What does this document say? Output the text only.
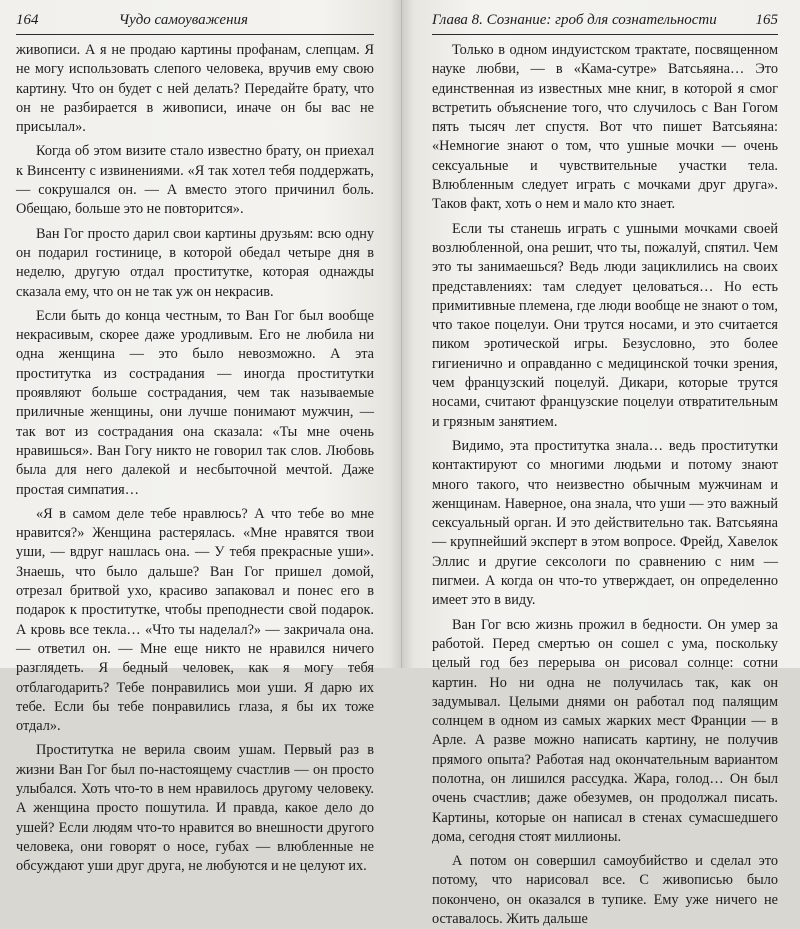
164	Чудо самоуважения

живописи. А я не продаю картины профанам, слепцам. Я не могу использовать слепого человека, вручив ему свою картину. Что он будет с ней делать? Передайте брату, что он не разбирается в живописи, иначе он бы вас не присылал».

Когда об этом визите стало известно брату, он приехал к Винсенту с извинениями. «Я так хотел тебя поддержать, — сокрушался он. — А вместо этого причинил боль. Обещаю, больше это не повторится».

Ван Гог просто дарил свои картины друзьям: всю одну он подарил гостинице, в которой обедал четыре дня в неделю, другую отдал проститутке, которая однажды сказала ему, что он не так уж он некрасив.

Если быть до конца честным, то Ван Гог был вообще некрасивым, скорее даже уродливым. Его не любила ни одна женщина — это было невозможно. А эта проститутка из сострадания — иногда проститутки проявляют больше сострадания, чем так называемые приличные женщины, они лучше понимают мужчин, — так вот из сострадания она сказала: «Ты мне очень нравишься». Ван Гогу никто не говорил так слов. Любовь была для него далекой и несбыточной мечтой. Даже простая симпатия…

«Я в самом деле тебе нравлюсь? А что тебе во мне нравится?» Женщина растерялась. «Мне нравятся твои уши, — вдруг нашлась она. — У тебя прекрасные уши». Знаешь, что было дальше? Ван Гог пришел домой, отрезал бритвой ухо, красиво запаковал и понес его в подарок к проститутке, чтобы преподнести свой подарок. А кровь все текла… «Что ты наделал?» — закричала она. — ответил он. — Мне еще никто не нравился ничего разглядеть. Я бедный человек, как я могу тебя отблагодарить? Тебе понравились мои уши. Я дарю их тебе. Если бы тебе понравились глаза, я бы их тоже отдал».

Проститутка не верила своим ушам. Первый раз в жизни Ван Гог был по-настоящему счастлив — он просто улыбался. Хоть что-то в нем нравилось другому человеку. А женщина просто пошутила. И правда, какое дело до ушей? Если людям что-то нравится во внешности другого человека, они говорят о носе, губах — влюбленные не обсуждают уши друг друга, не любуются и не целуют их.

Глава 8. Сознание: гроб для сознательности	165

Только в одном индуистском трактате, посвященном науке любви, — в «Кама-сутре» Ватсьяяна… Это единственная из известных мне книг, в которой я смог встретить объяснение того, что случилось с Ван Гогом пять тысяч лет спустя. Вот что пишет Ватсьяяна: «Немногие знают о том, что ушные мочки — очень сексуальные и чувствительные участки тела. Влюбленным следует играть с мочками друг друга». Таков факт, хоть о нем и мало кто знает.

Если ты станешь играть с ушными мочками своей возлюбленной, она решит, что ты, пожалуй, спятил. Чем это ты занимаешься? Ведь люди зациклились на своих представлениях: там следует целоваться… Но есть примитивные племена, где люди вообще не знают о том, что такое поцелуи. Они трутся носами, и это считается пиком эротической игры. Безусловно, это более гигиенично и оправданно с медицинской точки зрения, чем французский поцелуй. Дикари, которые трутся носами, считают французские поцелуи отвратительным и грязным занятием.

Видимо, эта проститутка знала… ведь проститутки контактируют со многими людьми и потому знают много такого, что неизвестно обычным мужчинам и женщинам. Наверное, она знала, что уши — это важный сексуальный орган. И это действительно так. Ватсьяяна — крупнейший эксперт в этом вопросе. Фрейд, Хавелок Эллис и другие сексологи по сравнению с ним — пигмеи. А когда он что-то утверждает, он определенно имеет это в виду.

Ван Гог всю жизнь прожил в бедности. Он умер за работой. Перед смертью он сошел с ума, поскольку целый год без перерыва он рисовал солнце: сотни картин. Но ни одна не получилась так, как он задумывал. Целыми днями он работал под палящим солнцем в одном из самых жарких мест Франции — в Арле. А разве можно написать картину, не получив прямого опыта? Работая над окончательным вариантом полотна, он лишился рассудка. Жара, голод… Он был очень счастлив; даже обезумев, он продолжал писать. Картины, которые он написал в стенах сумасшедшего дома, сегодня стоят миллионы.

А потом он совершил самоубийство и сделал это потому, что нарисовал все. С живописью было покончено, он оказался в тупике. Ему уже ничего не оставалось. Жить дальше
